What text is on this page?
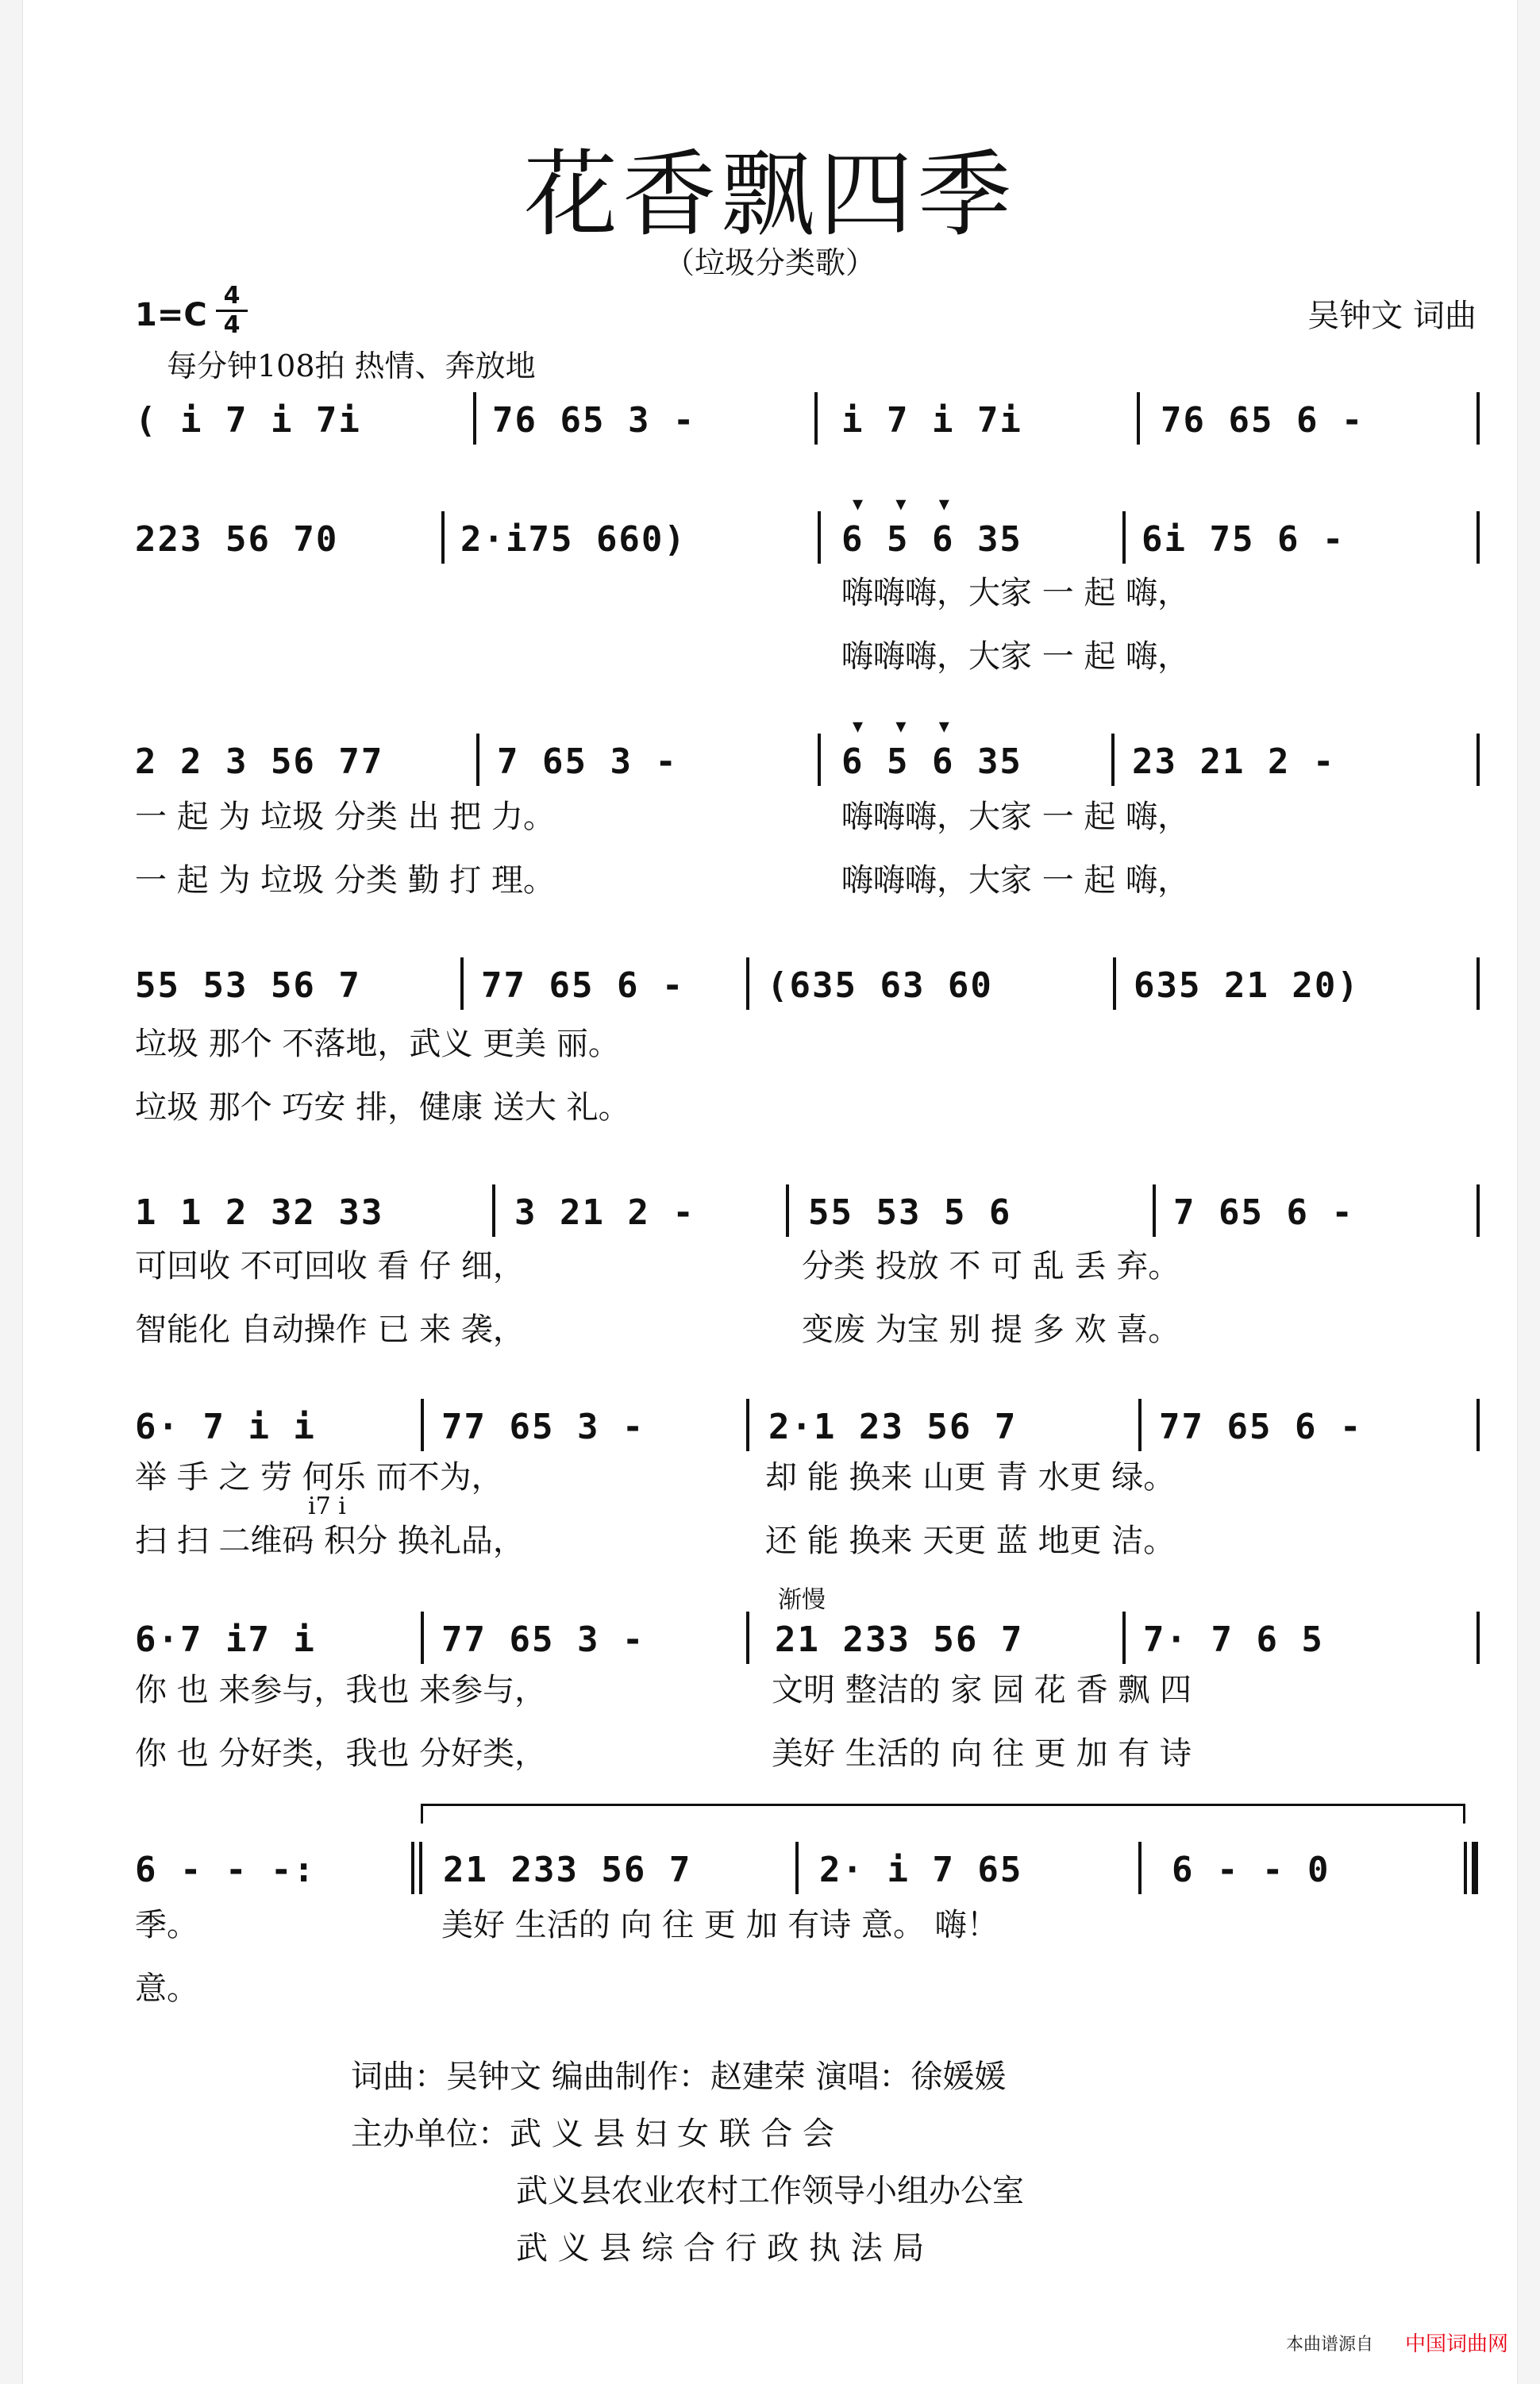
花香飘四季
（垃圾分类歌）
1=C
4
4	吴钟文 词曲
每分钟108拍 热情、奔放地
( i 7 i 7i	76 65 3 -	i 7 i 7i	76 65 6 -
223 56 70	2·i75 660)	6 5 6 35	6i 75 6 -
▾     ▾     ▾
嗨嗨嗨，大家 一 起 嗨，
嗨嗨嗨，大家 一 起 嗨，
2 2 3 56 77	7 65 3 -	6 5 6 35	23 21 2 -
▾     ▾     ▾
一 起 为 垃圾 分类 出 把 力。	嗨嗨嗨，大家 一 起 嗨，
一 起 为 垃圾 分类 勤 打 理。	嗨嗨嗨，大家 一 起 嗨，
55 53 56 7	77 65 6 - (635 63 60	635 21 20)
垃圾 那个 不落地，武义 更美 丽。
垃圾 那个 巧安 排，健康 送大 礼。
1 1 2 32 33	3 21 2 -	55 53 5 6	7 65 6 -
可回收 不可回收 看 仔 细，	分类 投放 不 可 乱 丢 弃。
智能化 自动操作 已 来 袭，	变废 为宝 别 提 多 欢 喜。
6· 7 i i	77 65 3 -	2·1 23 56 7	77 65 6 -
举 手 之 劳 何乐 而不为，	却 能 换来 山更 青 水更 绿。
i7 i
扫 扫 二维码 积分 换礼品，	还 能 换来 天更 蓝 地更 洁。
渐慢
6·7 i7 i	77 65 3 -	21 233 56 7	7· 7 6 5
你 也 来参与，我也 来参与，	文明 整洁的 家 园 花 香 飘 四
你 也 分好类，我也 分好类，	美好 生活的 向 往 更 加 有 诗
6 - - -:	21 233 56 7	2· i 7 65	6 - - 0
季。	美好 生活的 向 往 更 加 有诗 意。 嗨！
意。
词曲：吴钟文 编曲制作：赵建荣 演唱：徐媛媛
主办单位：武 义 县 妇 女 联 合 会
武义县农业农村工作领导小组办公室
武 义 县 综 合 行 政 执 法 局
本曲谱源自 中国词曲网
